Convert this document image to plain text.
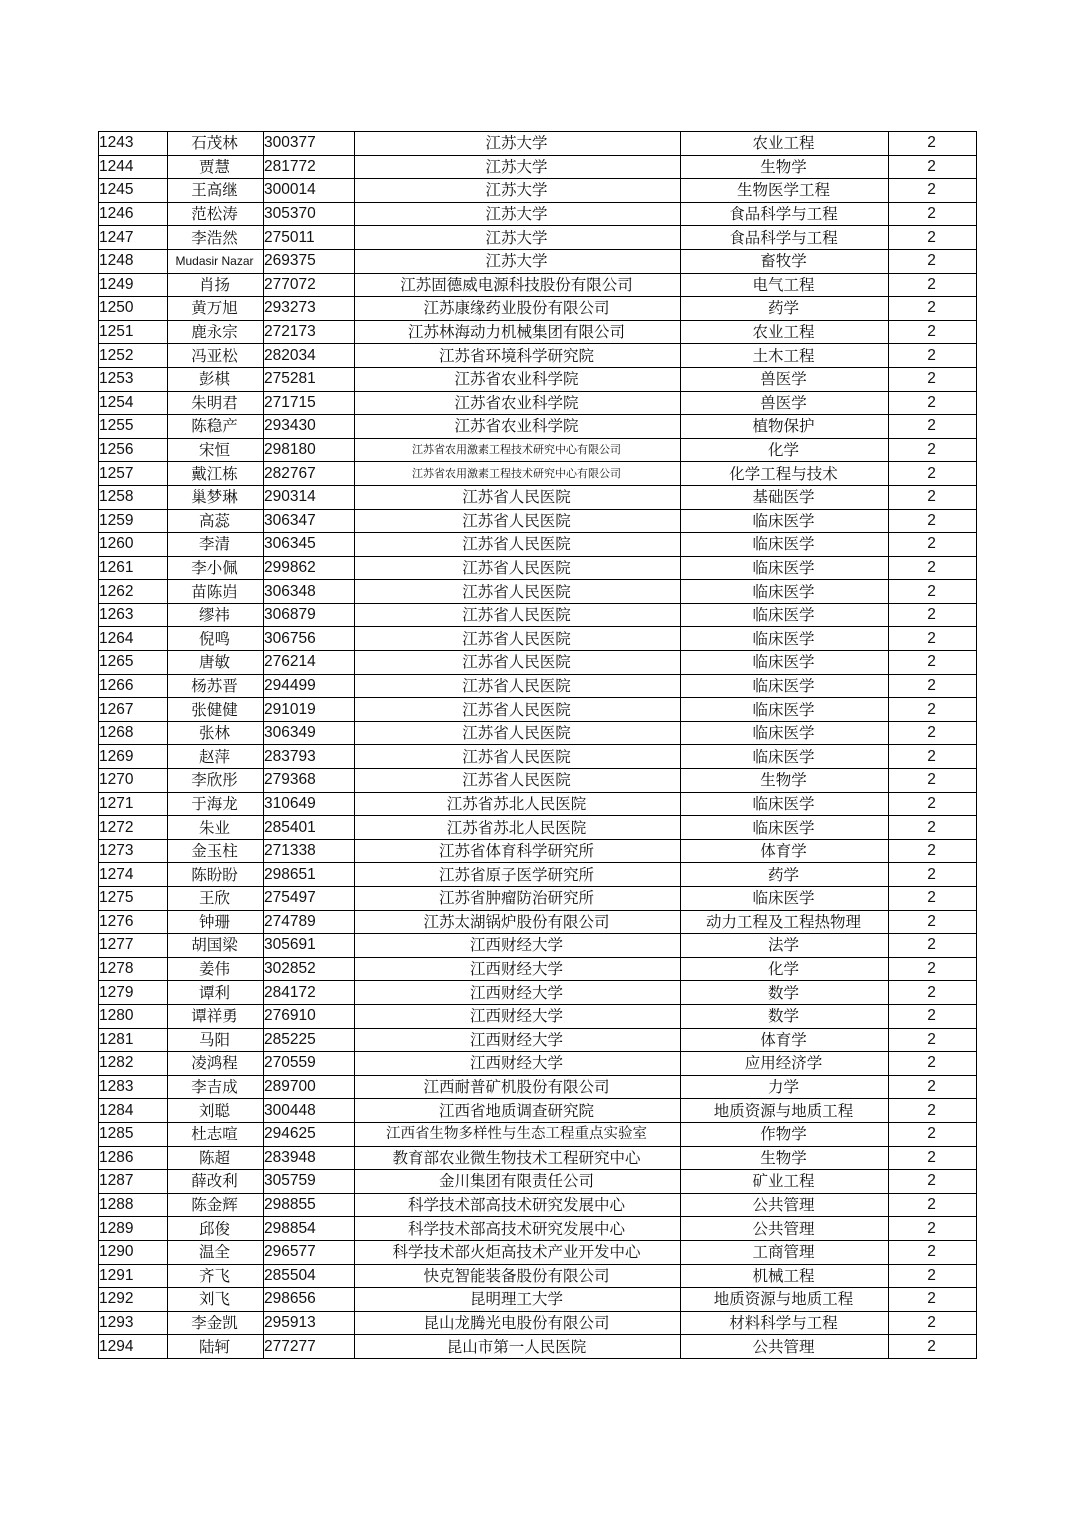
1243	石茂林	300377	江苏大学	农业工程	2
1244	贾慧	281772	江苏大学	生物学	2
1245	王高继	300014	江苏大学	生物医学工程	2
1246	范松涛	305370	江苏大学	食品科学与工程	2
1247	李浩然	275011	江苏大学	食品科学与工程	2
1248	Mudasir Nazar	269375	江苏大学	畜牧学	2
1249	肖扬	277072	江苏固德威电源科技股份有限公司	电气工程	2
1250	黄万旭	293273	江苏康缘药业股份有限公司	药学	2
1251	鹿永宗	272173	江苏林海动力机械集团有限公司	农业工程	2
1252	冯亚松	282034	江苏省环境科学研究院	土木工程	2
1253	彭棋	275281	江苏省农业科学院	兽医学	2
1254	朱明君	271715	江苏省农业科学院	兽医学	2
1255	陈稳产	293430	江苏省农业科学院	植物保护	2
1256	宋恒	298180	江苏省农用激素工程技术研究中心有限公司	化学	2
1257	戴江栋	282767	江苏省农用激素工程技术研究中心有限公司	化学工程与技术	2
1258	巢梦琳	290314	江苏省人民医院	基础医学	2
1259	高蕊	306347	江苏省人民医院	临床医学	2
1260	李清	306345	江苏省人民医院	临床医学	2
1261	李小佩	299862	江苏省人民医院	临床医学	2
1262	苗陈岿	306348	江苏省人民医院	临床医学	2
1263	缪祎	306879	江苏省人民医院	临床医学	2
1264	倪鸣	306756	江苏省人民医院	临床医学	2
1265	唐敏	276214	江苏省人民医院	临床医学	2
1266	杨苏晋	294499	江苏省人民医院	临床医学	2
1267	张健健	291019	江苏省人民医院	临床医学	2
1268	张林	306349	江苏省人民医院	临床医学	2
1269	赵萍	283793	江苏省人民医院	临床医学	2
1270	李欣彤	279368	江苏省人民医院	生物学	2
1271	于海龙	310649	江苏省苏北人民医院	临床医学	2
1272	朱业	285401	江苏省苏北人民医院	临床医学	2
1273	金玉柱	271338	江苏省体育科学研究所	体育学	2
1274	陈盼盼	298651	江苏省原子医学研究所	药学	2
1275	王欣	275497	江苏省肿瘤防治研究所	临床医学	2
1276	钟珊	274789	江苏太湖锅炉股份有限公司	动力工程及工程热物理	2
1277	胡国梁	305691	江西财经大学	法学	2
1278	姜伟	302852	江西财经大学	化学	2
1279	谭利	284172	江西财经大学	数学	2
1280	谭祥勇	276910	江西财经大学	数学	2
1281	马阳	285225	江西财经大学	体育学	2
1282	凌鸿程	270559	江西财经大学	应用经济学	2
1283	李吉成	289700	江西耐普矿机股份有限公司	力学	2
1284	刘聪	300448	江西省地质调查研究院	地质资源与地质工程	2
1285	杜志喧	294625	江西省生物多样性与生态工程重点实验室	作物学	2
1286	陈超	283948	教育部农业微生物技术工程研究中心	生物学	2
1287	薛改利	305759	金川集团有限责任公司	矿业工程	2
1288	陈金辉	298855	科学技术部高技术研究发展中心	公共管理	2
1289	邱俊	298854	科学技术部高技术研究发展中心	公共管理	2
1290	温全	296577	科学技术部火炬高技术产业开发中心	工商管理	2
1291	齐飞	285504	快克智能装备股份有限公司	机械工程	2
1292	刘飞	298656	昆明理工大学	地质资源与地质工程	2
1293	李金凯	295913	昆山龙腾光电股份有限公司	材料科学与工程	2
1294	陆轲	277277	昆山市第一人民医院	公共管理	2
